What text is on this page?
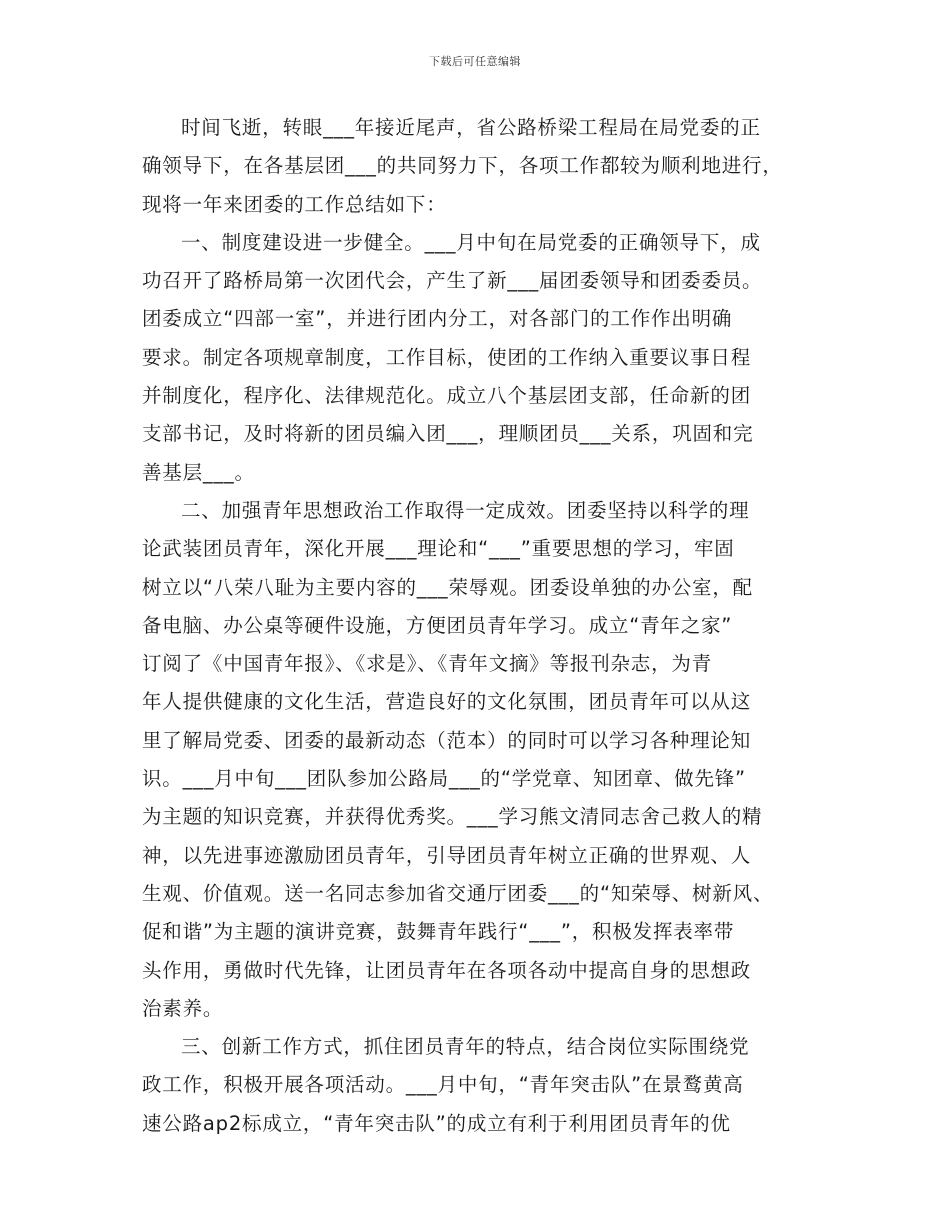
下载后可任意编辑
时间飞逝，转眼___年接近尾声，省公路桥梁工程局在局党委的正
确领导下，在各基层团___的共同努力下，各项工作都较为顺利地进行，
现将一年来团委的工作总结如下：
一、制度建设进一步健全。___月中旬在局党委的正确领导下，成
功召开了路桥局第一次团代会，产生了新___届团委领导和团委委员。
团委成立“四部一室”，并进行团内分工，对各部门的工作作出明确
要求。制定各项规章制度，工作目标，使团的工作纳入重要议事日程
并制度化，程序化、法律规范化。成立八个基层团支部，任命新的团
支部书记，及时将新的团员编入团___，理顺团员___关系，巩固和完
善基层___。
二、加强青年思想政治工作取得一定成效。团委坚持以科学的理
论武装团员青年，深化开展___理论和“___”重要思想的学习，牢固
树立以“八荣八耻为主要内容的___荣辱观。团委设单独的办公室，配
备电脑、办公桌等硬件设施，方便团员青年学习。成立“青年之家”
订阅了《中国青年报》、《求是》、《青年文摘》等报刊杂志，为青
年人提供健康的文化生活，营造良好的文化氛围，团员青年可以从这
里了解局党委、团委的最新动态（范本）的同时可以学习各种理论知
识。___月中旬___团队参加公路局___的“学党章、知团章、做先锋”
为主题的知识竞赛，并获得优秀奖。___学习熊文清同志舍己救人的精
神，以先进事迹激励团员青年，引导团员青年树立正确的世界观、人
生观、价值观。送一名同志参加省交通厅团委___的“知荣辱、树新风、
促和谐”为主题的演讲竞赛，鼓舞青年践行“___”，积极发挥表率带
头作用，勇做时代先锋，让团员青年在各项各动中提高自身的思想政
治素养。
三、创新工作方式，抓住团员青年的特点，结合岗位实际围绕党
政工作，积极开展各项活动。___月中旬，“青年突击队”在景鹜黄高
速公路ap2标成立，“青年突击队”的成立有利于利用团员青年的优
